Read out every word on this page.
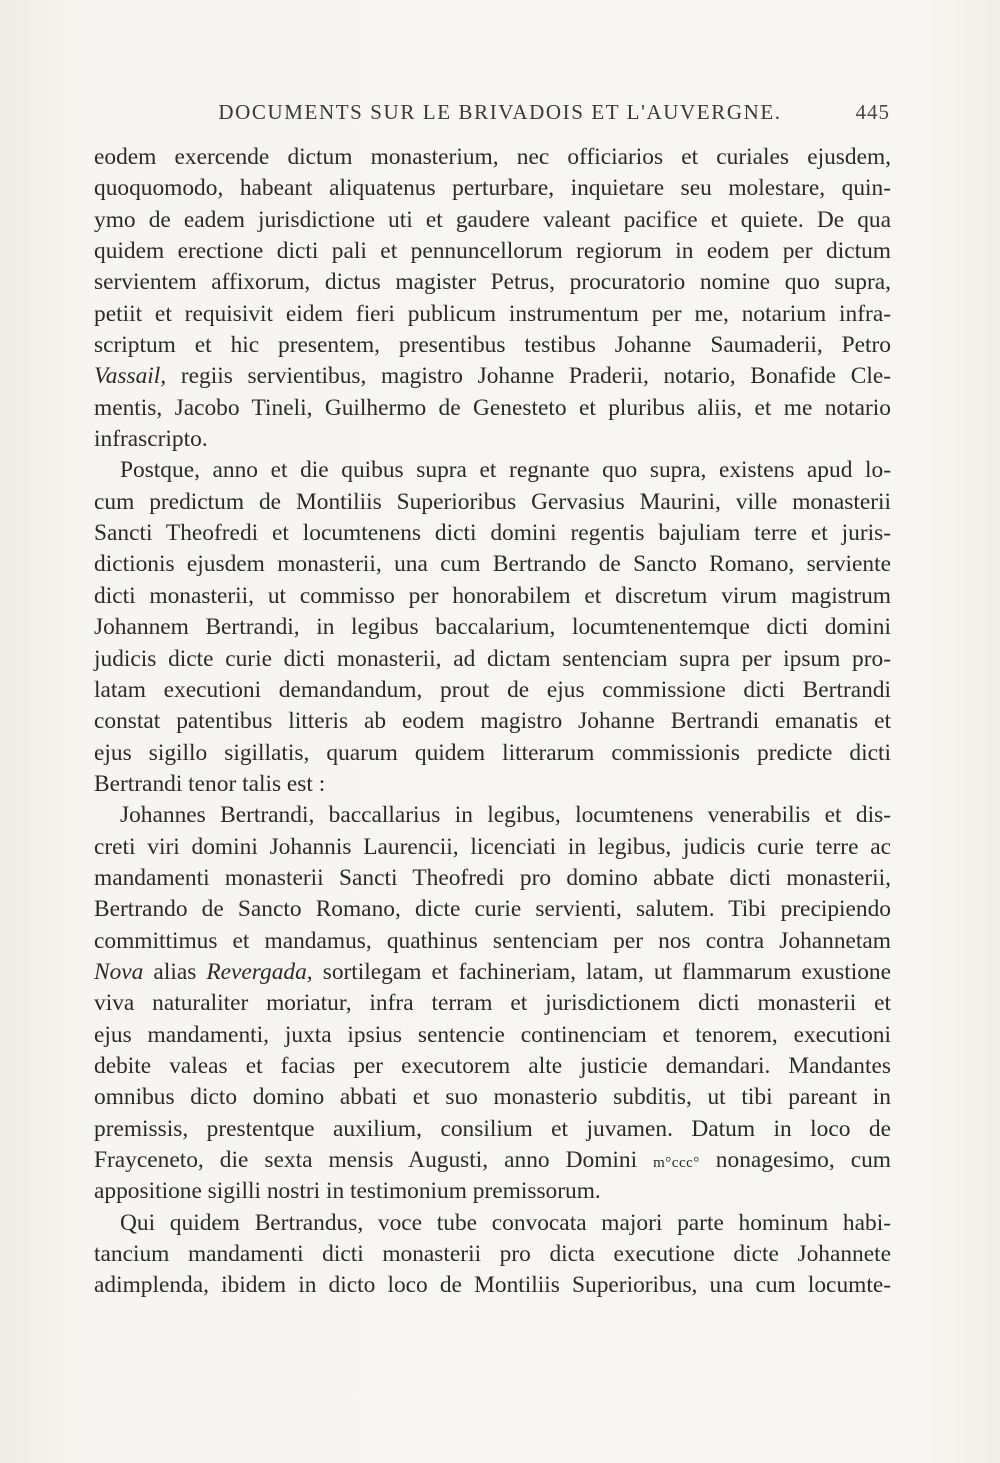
DOCUMENTS SUR LE BRIVADOIS ET L'AUVERGNE.	445
eodem exercende dictum monasterium, nec officiarios et curiales ejusdem,
quoquomodo, habeant aliquatenus perturbare, inquietare seu molestare, quin-
ymo de eadem jurisdictione uti et gaudere valeant pacifice et quiete. De qua
quidem erectione dicti pali et pennuncellorum regiorum in eodem per dictum
servientem affixorum, dictus magister Petrus, procuratorio nomine quo supra,
petiit et requisivit eidem fieri publicum instrumentum per me, notarium infra-
scriptum et hic presentem, presentibus testibus Johanne Saumaderii, Petro
Vassail, regiis servientibus, magistro Johanne Praderii, notario, Bonafide Cle-
mentis, Jacobo Tineli, Guilhermo de Genesteto et pluribus aliis, et me notario
infrascripto.
Postque, anno et die quibus supra et regnante quo supra, existens apud lo-
cum predictum de Montiliis Superioribus Gervasius Maurini, ville monasterii
Sancti Theofredi et locumtenens dicti domini regentis bajuliam terre et juris-
dictionis ejusdem monasterii, una cum Bertrando de Sancto Romano, serviente
dicti monasterii, ut commisso per honorabilem et discretum virum magistrum
Johannem Bertrandi, in legibus baccalarium, locumtenentemque dicti domini
judicis dicte curie dicti monasterii, ad dictam sentenciam supra per ipsum pro-
latam executioni demandandum, prout de ejus commissione dicti Bertrandi
constat patentibus litteris ab eodem magistro Johanne Bertrandi emanatis et
ejus sigillo sigillatis, quarum quidem litterarum commissionis predicte dicti
Bertrandi tenor talis est :
Johannes Bertrandi, baccallarius in legibus, locumtenens venerabilis et dis-
creti viri domini Johannis Laurencii, licenciati in legibus, judicis curie terre ac
mandamenti monasterii Sancti Theofredi pro domino abbate dicti monasterii,
Bertrando de Sancto Romano, dicte curie servienti, salutem. Tibi precipiendo
committimus et mandamus, quathinus sentenciam per nos contra Johannetam
Nova alias Revergada, sortilegam et fachineriam, latam, ut flammarum exustione
viva naturaliter moriatur, infra terram et jurisdictionem dicti monasterii et
ejus mandamenti, juxta ipsius sentencie continenciam et tenorem, executioni
debite valeas et facias per executorem alte justicie demandari. Mandantes
omnibus dicto domino abbati et suo monasterio subditis, ut tibi pareant in
premissis, prestentque auxilium, consilium et juvamen. Datum in loco de
Frayceneto, die sexta mensis Augusti, anno Domini m°ccc° nonagesimo, cum
appositione sigilli nostri in testimonium premissorum.
Qui quidem Bertrandus, voce tube convocata majori parte hominum habi-
tancium mandamenti dicti monasterii pro dicta executione dicte Johannete
adimplenda, ibidem in dicto loco de Montiliis Superioribus, una cum locumte-
